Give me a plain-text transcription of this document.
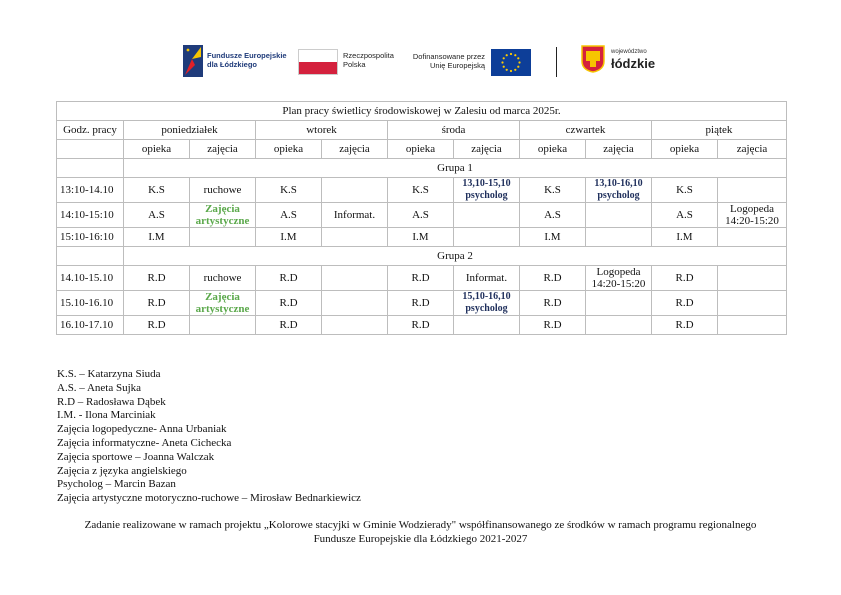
Fundusze Europejskie
dla Łódzkiego
Rzeczpospolita
Polska
Dofinansowane przez
Unię Europejską
województwo
łódzkie
Plan pracy świetlicy środowiskowej w Zalesiu od marca 2025r.										
Godz. pracy	poniedziałek		wtorek		środa		czwartek		piątek	
	opieka	zajęcia	opieka	zajęcia	opieka	zajęcia	opieka	zajęcia	opieka	zajęcia
	Grupa 1									
13:10-14.10	K.S	ruchowe	K.S		K.S	13,10-15,10 psycholog	K.S	13,10-16,10 psycholog	K.S	
14:10-15:10	A.S	Zajęcia artystyczne	A.S	Informat.	A.S		A.S		A.S	Logopeda 14:20-15:20
15:10-16:10	I.M		I.M		I.M		I.M		I.M	
	Grupa 2									
14.10-15.10	R.D	ruchowe	R.D		R.D	Informat.	R.D	Logopeda 14:20-15:20	R.D	
15.10-16.10	R.D	Zajęcia artystyczne	R.D		R.D	15,10-16,10 psycholog	R.D		R.D	
16.10-17.10	R.D		R.D		R.D		R.D		R.D	
K.S. – Katarzyna Siuda
A.S. – Aneta Sujka
R.D – Radosława Dąbek
I.M. - Ilona Marciniak
Zajęcia logopedyczne- Anna Urbaniak
Zajęcia informatyczne- Aneta Cichecka
Zajęcia sportowe – Joanna Walczak
Zajęcia z języka angielskiego
Psycholog – Marcin Bazan
Zajęcia artystyczne motoryczno-ruchowe – Mirosław Bednarkiewicz
Zadanie realizowane w ramach projektu „Kolorowe stacyjki w Gminie Wodzierady" współfinansowanego ze środków w ramach programu regionalnego
Fundusze Europejskie dla Łódzkiego 2021-2027
